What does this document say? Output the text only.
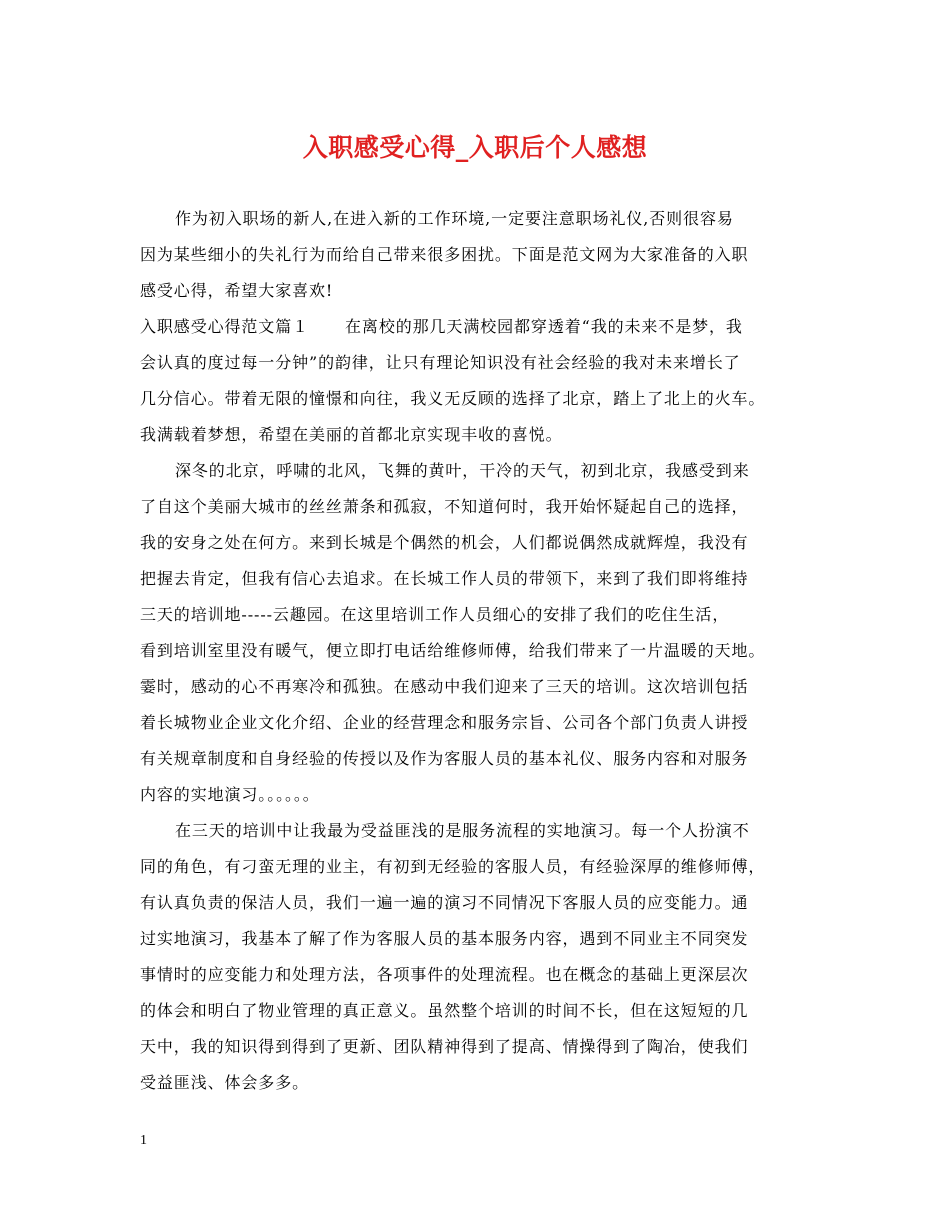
入职感受心得_入职后个人感想
作为初入职场的新人,在进入新的工作环境,一定要注意职场礼仪,否则很容易
因为某些细小的失礼行为而给自己带来很多困扰。下面是范文网为大家准备的入职
感受心得，希望大家喜欢!
入职感受心得范文篇１ 在离校的那几天满校园都穿透着“我的未来不是梦，我
会认真的度过每一分钟”的韵律，让只有理论知识没有社会经验的我对未来增长了
几分信心。带着无限的憧憬和向往，我义无反顾的选择了北京，踏上了北上的火车。
我满载着梦想，希望在美丽的首都北京实现丰收的喜悦。
深冬的北京，呼啸的北风，飞舞的黄叶，干冷的天气，初到北京，我感受到来
了自这个美丽大城市的丝丝萧条和孤寂，不知道何时，我开始怀疑起自己的选择，
我的安身之处在何方。来到长城是个偶然的机会，人们都说偶然成就辉煌，我没有
把握去肯定，但我有信心去追求。在长城工作人员的带领下，来到了我们即将维持
三天的培训地-----云趣园。在这里培训工作人员细心的安排了我们的吃住生活，
看到培训室里没有暖气，便立即打电话给维修师傅，给我们带来了一片温暖的天地。
霎时，感动的心不再寒冷和孤独。在感动中我们迎来了三天的培训。这次培训包括
着长城物业企业文化介绍、企业的经营理念和服务宗旨、公司各个部门负责人讲授
有关规章制度和自身经验的传授以及作为客服人员的基本礼仪、服务内容和对服务
内容的实地演习。。。。。。
在三天的培训中让我最为受益匪浅的是服务流程的实地演习。每一个人扮演不
同的角色，有刁蛮无理的业主，有初到无经验的客服人员，有经验深厚的维修师傅，
有认真负责的保洁人员，我们一遍一遍的演习不同情况下客服人员的应变能力。通
过实地演习，我基本了解了作为客服人员的基本服务内容，遇到不同业主不同突发
事情时的应变能力和处理方法，各项事件的处理流程。也在概念的基础上更深层次
的体会和明白了物业管理的真正意义。虽然整个培训的时间不长，但在这短短的几
天中，我的知识得到得到了更新、团队精神得到了提高、情操得到了陶冶，使我们
受益匪浅、体会多多。
1
